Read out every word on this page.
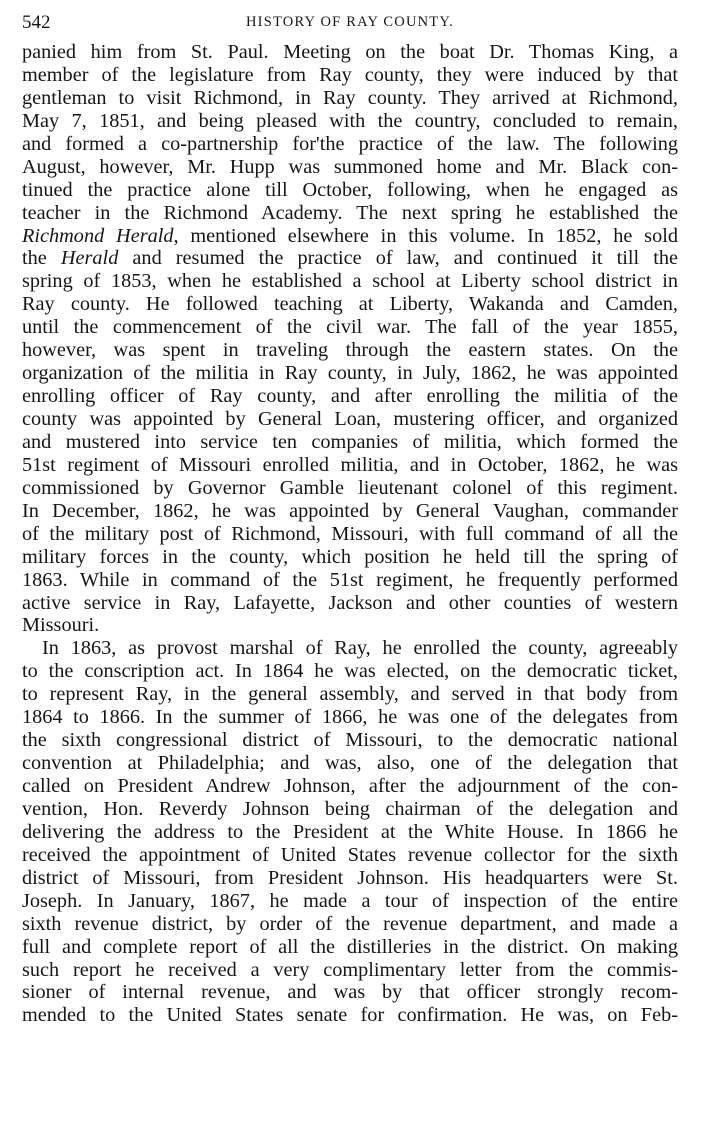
542	HISTORY OF RAY COUNTY.
panied him from St. Paul. Meeting on the boat Dr. Thomas King, a
member of the legislature from Ray county, they were induced by that
gentleman to visit Richmond, in Ray county. They arrived at Richmond,
May 7, 1851, and being pleased with the country, concluded to remain,
and formed a co-partnership for'the practice of the law. The following
August, however, Mr. Hupp was summoned home and Mr. Black con-
tinued the practice alone till October, following, when he engaged as
teacher in the Richmond Academy. The next spring he established the
Richmond Herald, mentioned elsewhere in this volume. In 1852, he sold
the Herald and resumed the practice of law, and continued it till the
spring of 1853, when he established a school at Liberty school district in
Ray county. He followed teaching at Liberty, Wakanda and Camden,
until the commencement of the civil war. The fall of the year 1855,
however, was spent in traveling through the eastern states. On the
organization of the militia in Ray county, in July, 1862, he was appointed
enrolling officer of Ray county, and after enrolling the militia of the
county was appointed by General Loan, mustering officer, and organized
and mustered into service ten companies of militia, which formed the
51st regiment of Missouri enrolled militia, and in October, 1862, he was
commissioned by Governor Gamble lieutenant colonel of this regiment.
In December, 1862, he was appointed by General Vaughan, commander
of the military post of Richmond, Missouri, with full command of all the
military forces in the county, which position he held till the spring of
1863. While in command of the 51st regiment, he frequently performed
active service in Ray, Lafayette, Jackson and other counties of western
Missouri.
In 1863, as provost marshal of Ray, he enrolled the county, agreeably
to the conscription act. In 1864 he was elected, on the democratic ticket,
to represent Ray, in the general assembly, and served in that body from
1864 to 1866. In the summer of 1866, he was one of the delegates from
the sixth congressional district of Missouri, to the democratic national
convention at Philadelphia; and was, also, one of the delegation that
called on President Andrew Johnson, after the adjournment of the con-
vention, Hon. Reverdy Johnson being chairman of the delegation and
delivering the address to the President at the White House. In 1866 he
received the appointment of United States revenue collector for the sixth
district of Missouri, from President Johnson. His headquarters were St.
Joseph. In January, 1867, he made a tour of inspection of the entire
sixth revenue district, by order of the revenue department, and made a
full and complete report of all the distilleries in the district. On making
such report he received a very complimentary letter from the commis-
sioner of internal revenue, and was by that officer strongly recom-
mended to the United States senate for confirmation. He was, on Feb-
